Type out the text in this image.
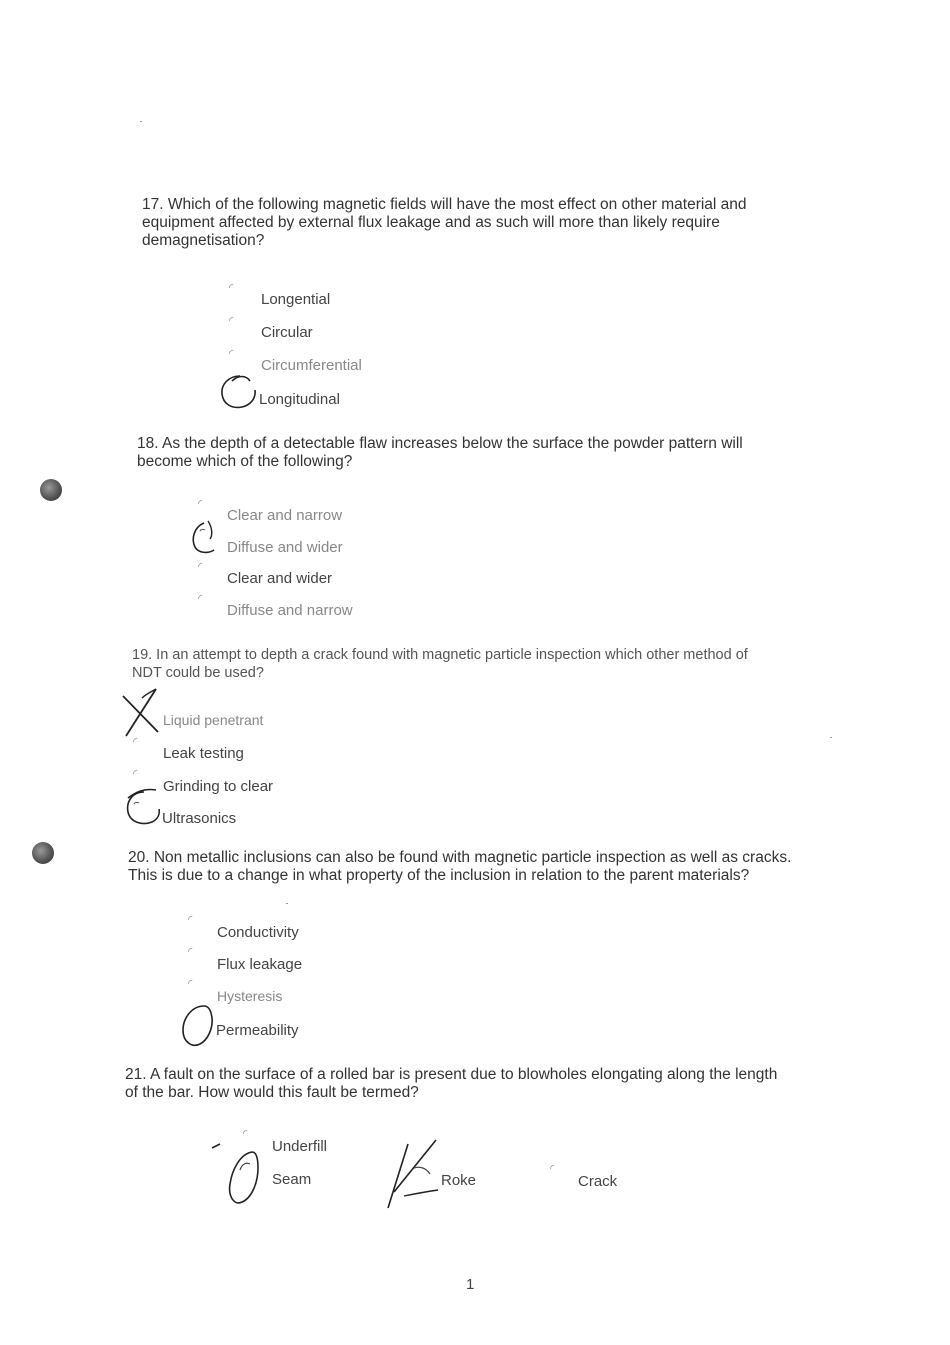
17. Which of the following magnetic fields will have the most effect on other material and
equipment affected by external flux leakage and as such will more than likely require
demagnetisation?
◜
Longential
◜
Circular
◜
Circumferential
Longitudinal
18. As the depth of a detectable flaw increases below the surface the powder pattern will
become which of the following?
◜
Clear and narrow
Diffuse and wider
◜
Clear and wider
◜
Diffuse and narrow
19. In an attempt to depth a crack found with magnetic particle inspection which other method of
NDT could be used?
Liquid penetrant
◜
Leak testing
◜
Grinding to clear
Ultrasonics
20. Non metallic inclusions can also be found with magnetic particle inspection as well as cracks.
This is due to a change in what property of the inclusion in relation to the parent materials?
◜
Conductivity
◜
Flux leakage
◜
Hysteresis
Permeability
21. A fault on the surface of a rolled bar is present due to blowholes elongating along the length
of the bar. How would this fault be termed?
◜
Underfill
Seam	Roke
◜
Crack
1
